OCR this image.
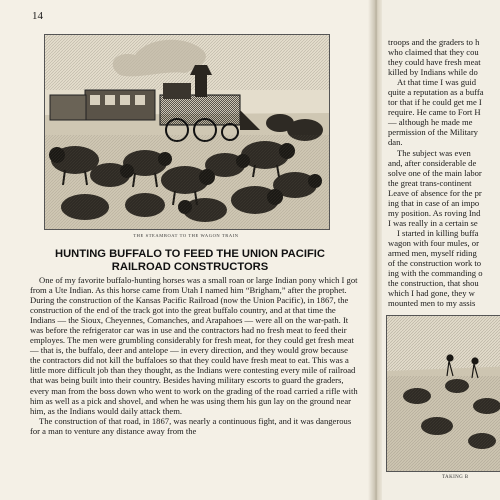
14
THE STEAMBOAT TO THE WAGON TRAIN
HUNTING BUFFALO TO FEED THE UNION PACIFIC
RAILROAD CONSTRUCTORS

One of my favorite buffalo-hunting horses was a small roan or large Indian pony which I got from a Ute Indian. As this horse came from Utah I named him “Brigham,” after the prophet. During the construction of the Kansas Pacific Railroad (now the Union Pacific), in 1867, the construction of the end of the track got into the great buffalo country, and at that time the Indians — the Sioux, Cheyennes, Comanches, and Arapahoes — were all on the war-path. It was before the refrigerator car was in use and the contractors had no fresh meat to feed their employes. The men were grumbling considerably for fresh meat, for they could get fresh meat — that is, the buffalo, deer and antelope — in every direction, and they would grow because the contractors did not kill the buffaloes so that they could have fresh meat to eat. This was a little more difficult job than they thought, as the Indians were contesting every mile of railroad that was being built into their country. Besides having military escorts to guard the graders, every man from the boss down who went to work on the grading of the road carried a rifle with him as well as a pick and shovel, and when he was using them his gun lay on the ground near him, as the Indians would daily attack them.

The construction of that road, in 1867, was nearly a continuous fight, and it was dangerous for a man to venture any distance away from the

troops and the graders to h
who claimed that they cou
they could have fresh meat
killed by Indians while do
At that time I was guid
quite a reputation as a buffa
tor that if he could get me I
require. He came to Fort H
— although he made me
permission of the Military
dan.
The subject was even
and, after considerable de
solve one of the main labor
the great trans-continent
Leave of absence for the pr
ing that in case of an impo
my position. As roving Ind
I was really in a certain se
I started in killing buffa
wagon with four mules, or
armed men, myself riding
of the construction work to
ing with the commanding o
the construction, that shou
which I had gone, they w
mounted men to my assis
TAKING B
